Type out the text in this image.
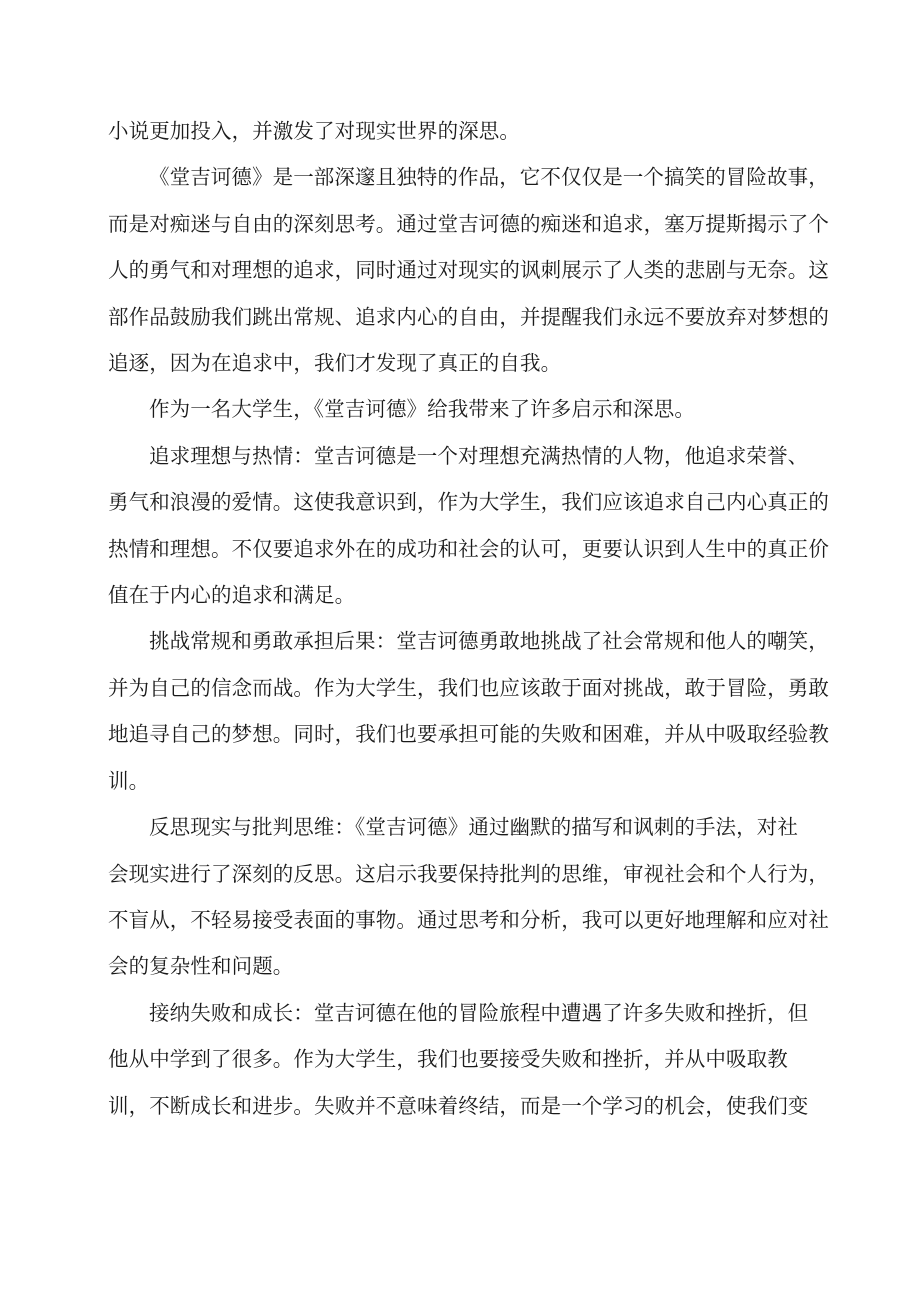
小说更加投入，并激发了对现实世界的深思。

《堂吉诃德》是一部深邃且独特的作品，它不仅仅是一个搞笑的冒险故事，
而是对痴迷与自由的深刻思考。通过堂吉诃德的痴迷和追求，塞万提斯揭示了个
人的勇气和对理想的追求，同时通过对现实的讽刺展示了人类的悲剧与无奈。这
部作品鼓励我们跳出常规、追求内心的自由，并提醒我们永远不要放弃对梦想的
追逐，因为在追求中，我们才发现了真正的自我。

作为一名大学生，《堂吉诃德》给我带来了许多启示和深思。

追求理想与热情：堂吉诃德是一个对理想充满热情的人物，他追求荣誉、
勇气和浪漫的爱情。这使我意识到，作为大学生，我们应该追求自己内心真正的
热情和理想。不仅要追求外在的成功和社会的认可，更要认识到人生中的真正价
值在于内心的追求和满足。

挑战常规和勇敢承担后果：堂吉诃德勇敢地挑战了社会常规和他人的嘲笑，
并为自己的信念而战。作为大学生，我们也应该敢于面对挑战，敢于冒险，勇敢
地追寻自己的梦想。同时，我们也要承担可能的失败和困难，并从中吸取经验教
训。

反思现实与批判思维：《堂吉诃德》通过幽默的描写和讽刺的手法，对社
会现实进行了深刻的反思。这启示我要保持批判的思维，审视社会和个人行为，
不盲从，不轻易接受表面的事物。通过思考和分析，我可以更好地理解和应对社
会的复杂性和问题。

接纳失败和成长：堂吉诃德在他的冒险旅程中遭遇了许多失败和挫折，但
他从中学到了很多。作为大学生，我们也要接受失败和挫折，并从中吸取教
训，不断成长和进步。失败并不意味着终结，而是一个学习的机会，使我们变
